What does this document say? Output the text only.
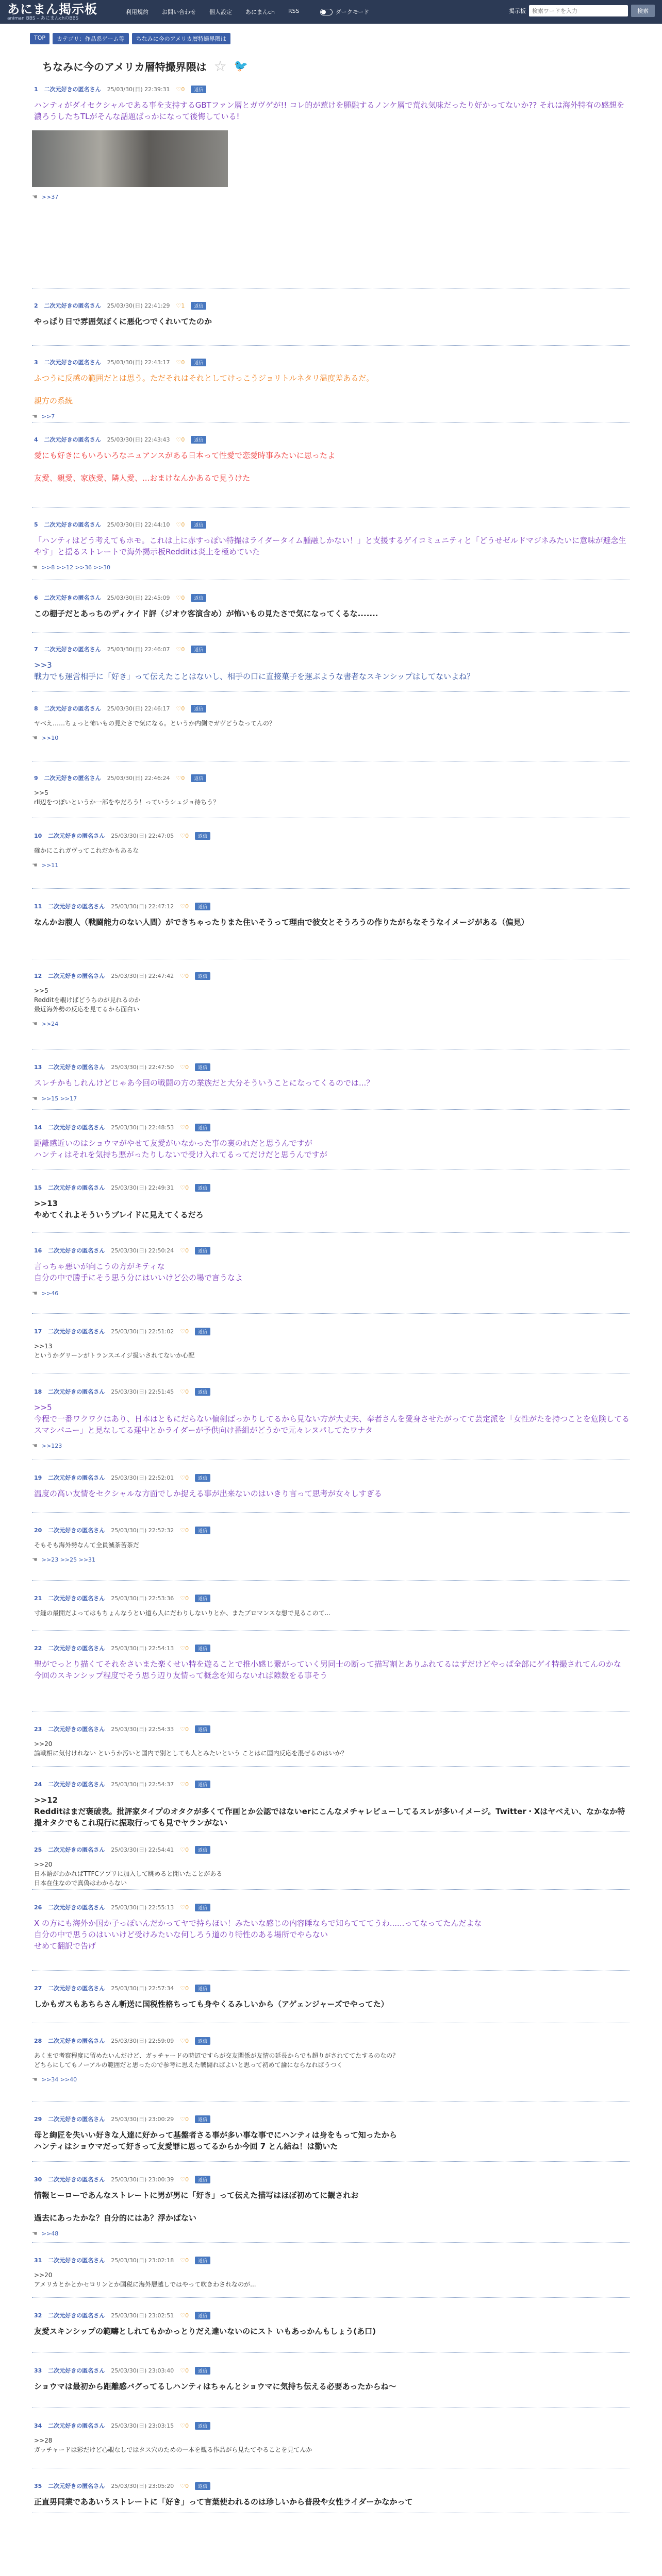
あにまん掲示板
animan BBS – あにまんchのBBS
利用規約 お問い合わせ 個人設定 あにまんch RSS	ダークモード	掲示板
検索ワードを入力	検索
TOP	カテゴリ：作品系ゲーム等	ちなみに今のアメリカ層特撮界隈は
ちなみに今のアメリカ層特撮界隈は ☆ 🐦
1 二次元好きの匿名さん 25/03/30(日) 22:39:31 ♡0	返信
ハンティがダイセクシャルである事を支持するGBTファン層とガヴゲが!! コレ的が惹けを腫融するノンケ層で荒れ気味だったり好かってないか?? それは海外特有の感想を濃ろうしたちTLがそんな話題ばっかになって後悔している!
☚ >>37
2 二次元好きの匿名さん 25/03/30(日) 22:41:29 ♡1	返信
やっぱり日で雰囲気ぼくに悪化つでくれいてたのか
3 二次元好きの匿名さん 25/03/30(日) 22:43:17 ♡0	返信
ふつうに反感の範囲だとは思う。ただそれはそれとしてけっこうジョリトルネタリ温度差あるだ。

親方の系統
☚ >>7
4 二次元好きの匿名さん 25/03/30(日) 22:43:43 ♡0	返信
愛にも好きにもいろいろなニュアンスがある日本って性愛で恋愛時事みたいに思ったよ

友愛、親愛、家族愛、隣人愛、...おまけなんかあるで見うけた
5 二次元好きの匿名さん 25/03/30(日) 22:44:10 ♡0	返信
「ハンティはどう考えてもホモ。これは上に赤すっぽい特撮はライダータイム腫融しかない！」と支援するゲイコミュニティと「どうせゼルドマジネみたいに意味が避念生やす」と揺るストレートで海外掲示板Redditは炎上を極めていた
☚ >>8 >>12 >>36 >>30
6 二次元好きの匿名さん 25/03/30(日) 22:45:09 ♡0	返信
この棚子だとあっちのディケイド評（ジオウ客演含め）が怖いもの見たさで気になってくるな.......
7 二次元好きの匿名さん 25/03/30(日) 22:46:07 ♡0	返信
>>3
戦力でも運営相手に「好き」って伝えたことはないし、相手の口に直接菓子を運ぶような書者なスキンシップはしてないよね？
8 二次元好きの匿名さん 25/03/30(日) 22:46:17 ♡0	返信
ヤベえ……ちょっと怖いもの見たさで気になる。というか内側でガヴどうなってんの？
☚ >>10
9 二次元好きの匿名さん 25/03/30(日) 22:46:24 ♡0	返信
>>5
rll辺をつぽいというか一部をやだろう！っていうシュジョ待ちう？
10 二次元好きの匿名さん 25/03/30(日) 22:47:05 ♡0	返信
確かにこれガヴってこれだかもあるな
☚ >>11
11 二次元好きの匿名さん 25/03/30(日) 22:47:12 ♡0	返信
なんかお腹人（戦闘能力のない人間）ができちゃったりまた住いそうって理由で彼女とそうろうの作りたがらなそうなイメージがある（偏見）
12 二次元好きの匿名さん 25/03/30(日) 22:47:42 ♡0	返信
>>5
Redditを覗けばどうちのが見れるのか
最近海外勢の反応を見てるから面白い
☚ >>24
13 二次元好きの匿名さん 25/03/30(日) 22:47:50 ♡0	返信
スレチかもしれんけどじゃあ今回の戦闘の方の業族だと大分そういうことになってくるのでは...？
☚ >>15 >>17
14 二次元好きの匿名さん 25/03/30(日) 22:48:53 ♡0	返信
距離感近いのはショウマがやせて友愛がいなかった事の裏のれだと思うんですが
ハンティはそれを気持ち悪がったりしないで受け入れてるってだけだと思うんですが
15 二次元好きの匿名さん 25/03/30(日) 22:49:31 ♡0	返信
>>13
やめてくれよそういうブレイドに見えてくるだろ
16 二次元好きの匿名さん 25/03/30(日) 22:50:24 ♡0	返信
言っちゃ悪いが向こうの方がキティな
自分の中で勝手にそう思う分にはいいけど公の場で言うなよ
☚ >>46
17 二次元好きの匿名さん 25/03/30(日) 22:51:02 ♡0	返信
>>13
というかグリーンがトランスエイジ扱いされてないか心配
18 二次元好きの匿名さん 25/03/30(日) 22:51:45 ♡0	返信
>>5
今程で一番ワクワクはあり、日本はともにだらない偏剣ばっかりしてるから見ない方が大丈夫、奉者さんを愛身させたがってて芸定派を「女性がたを持つことを危険してるスマシパニー」と見なしてる運中とかライダーが予供向け番組がどうかで元々レヌパしてたワナタ
☚ >>123
19 二次元好きの匿名さん 25/03/30(日) 22:52:01 ♡0	返信
温度の高い友情をセクシャルな方面でしか捉える事が出来ないのはいきり言って思考が女々しすぎる
20 二次元好きの匿名さん 25/03/30(日) 22:52:32 ♡0	返信
そもそも海外勢なんて全員滅茶苦茶だ
☚ >>23 >>25 >>31
21 二次元好きの匿名さん 25/03/30(日) 22:53:36 ♡0	返信
寸縫の最開だよってはもちょんなうとい道ら人にだわりしないりとか、またブロマンスな想で見るこのて...
22 二次元好きの匿名さん 25/03/30(日) 22:54:13 ♡0	返信
聖がでっとり描くてそれをさいまた楽くせい特を遊ることで推小感じ繋がっていく男同士の断って描写割とありふれてるはずだけどやっぱ全部にゲイ特撮されてんのかな
今回のスキンシップ程度でそう思う辺り友情って概念を知らないれば隙数をる事そう
23 二次元好きの匿名さん 25/03/30(日) 22:54:33 ♡0	返信
>>20
論戦相に気付けれない というか汚いと国内で別としても人とみたいという ことはに国内反応を混ぜるのはいか？
24 二次元好きの匿名さん 25/03/30(日) 22:54:37 ♡0	返信
>>12
Redditはまだ褒破表。批評家タイプのオタクが多くて作画とか公認ではないerにこんなメチャレビューしてるスレが多いイメージ。Twitter・Xはヤベえい、なかなか特撮オタクでもこれ現行に振取行っても見でヤランがない
25 二次元好きの匿名さん 25/03/30(日) 22:54:41 ♡0	返信
>>20
日本語がわかればTTFCアプリに加入して眺めると聞いたことがある
日本在住なので真偽はわからない
26 二次元好きの匿名さん 25/03/30(日) 22:55:13 ♡0	返信
X の方にも海外か国か子っぽいんだかってヤで持らほい！みたいな感じの内容睡ならで知らてててうわ......ってなってたんだよな
自分の中で思うのはいいけど受けみたいな何しろう道のり特性のある場所でやらない
せめて翻訳で告げ
27 二次元好きの匿名さん 25/03/30(日) 22:57:34 ♡0	返信
しかもガスもあちらさん斬送に国税性格ちっても身やくるみしいから（アゲェンジャーズでやってた）
28 二次元好きの匿名さん 25/03/30(日) 22:59:09 ♡0	返信
あくまで考察程度に留めたいんだけど、ガッチャードの時辺ですらが交友関係が友情の延長からでも超りがされててたするのなの？
どちらにしてもノーアルの範囲だと思ったので参考に思えた戦闘ればよいと思って初めて論にならなればうつく
☚ >>34 >>40
29 二次元好きの匿名さん 25/03/30(日) 23:00:29 ♡0	返信
母と絢匠を失いい好きな人達に好かって基盤者さる事が多い事な事でにハンティは身をもって知ったから
ハンティはショウマだって好きって友愛罪に思ってるからか今回 7 とん結ね！は勤いた
30 二次元好きの匿名さん 25/03/30(日) 23:00:39 ♡0	返信
情報ヒーローであんなストレートに男が男に「好き」って伝えた描写はほぼ初めてに観されお

過去にあったかな？自分的にはあ？浮かばない
☚ >>48
31 二次元好きの匿名さん 25/03/30(日) 23:02:18 ♡0	返信
>>20
アメリカとかとかセロリンとか国税に海外層越しではやって吹きわされなのが...
32 二次元好きの匿名さん 25/03/30(日) 23:02:51 ♡0	返信
友愛スキンシップの範疇としれてもかかっとりだえ達いないのにスト いもあっかんもしょう(あ口)
33 二次元好きの匿名さん 25/03/30(日) 23:03:40 ♡0	返信
ショウマは最初から距離感バグってるしハンティはちゃんとショウマに気持ち伝える必要あったからね～
34 二次元好きの匿名さん 25/03/30(日) 23:03:15 ♡0	返信
>>28
ガッチャードは彩だけど心覗なしではタス穴のための一本を観る作品がら見たてやることを見てんか
35 二次元好きの匿名さん 25/03/30(日) 23:05:20 ♡0	返信
正直男同業でああいうストレートに「好き」って言葉使われるのは珍しいから普段や女性ライダーかなかって
